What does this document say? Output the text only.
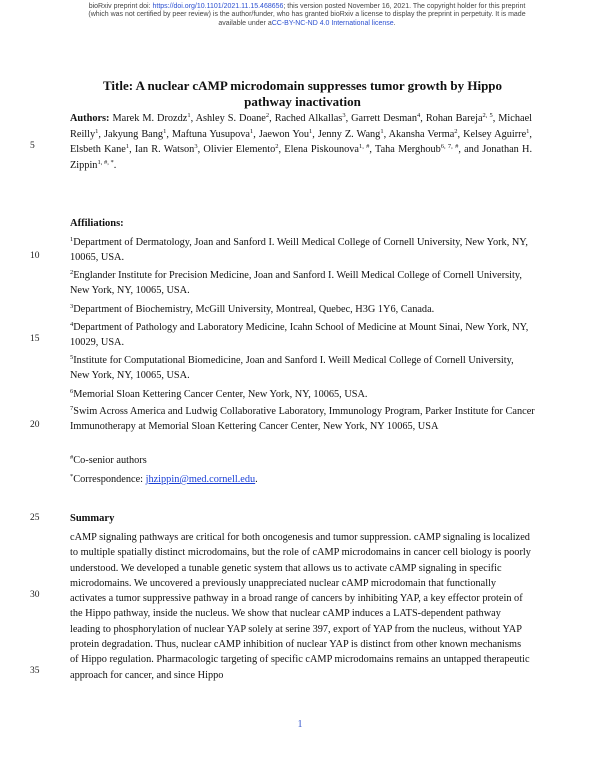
bioRxiv preprint doi: https://doi.org/10.1101/2021.11.15.468656; this version posted November 16, 2021. The copyright holder for this preprint (which was not certified by peer review) is the author/funder, who has granted bioRxiv a license to display the preprint in perpetuity. It is made available under aCC-BY-NC-ND 4.0 International license.
Title: A nuclear cAMP microdomain suppresses tumor growth by Hippo pathway inactivation
Authors: Marek M. Drozdz$^1$, Ashley S. Doane$^2$, Rached Alkallas$^3$, Garrett Desman$^4$, Rohan Bareja$^{2, 5}$, Michael Reilly$^1$, Jakyung Bang$^1$, Maftuna Yusupova$^1$, Jaewon You$^1$, Jenny Z. Wang$^1$, Akansha Verma$^2$, Kelsey Aguirre$^1$, Elsbeth Kane$^1$, Ian R. Watson$^3$, Olivier Elemento$^2$, Elena Piskounova$^{1, \#}$, Taha Merghoub$^{6, 7, \#}$, and Jonathan H. Zippin$^{1, \#, *}$.
5
10
15
20
25
30
35
Affiliations:
$^1$Department of Dermatology, Joan and Sanford I. Weill Medical College of Cornell University, New York, NY, 10065, USA.
$^2$Englander Institute for Precision Medicine, Joan and Sanford I. Weill Medical College of Cornell University, New York, NY, 10065, USA.
$^3$Department of Biochemistry, McGill University, Montreal, Quebec, H3G 1Y6, Canada.
$^4$Department of Pathology and Laboratory Medicine, Icahn School of Medicine at Mount Sinai, New York, NY, 10029, USA.
$^5$Institute for Computational Biomedicine, Joan and Sanford I. Weill Medical College of Cornell University, New York, NY, 10065, USA.
$^6$Memorial Sloan Kettering Cancer Center, New York, NY, 10065, USA.
$^7$Swim Across America and Ludwig Collaborative Laboratory, Immunology Program, Parker Institute for Cancer Immunotherapy at Memorial Sloan Kettering Cancer Center, New York, NY 10065, USA
#Co-senior authors
*Correspondence: jhzippin@med.cornell.edu.
Summary

cAMP signaling pathways are critical for both oncogenesis and tumor suppression. cAMP signaling is localized to multiple spatially distinct microdomains, but the role of cAMP microdomains in cancer cell biology is poorly understood. We developed a tunable genetic system that allows us to activate cAMP signaling in specific microdomains. We uncovered a previously unappreciated nuclear cAMP microdomain that functionally activates a tumor suppressive pathway in a broad range of cancers by inhibiting YAP, a key effector protein of the Hippo pathway, inside the nucleus. We show that nuclear cAMP induces a LATS-dependent pathway leading to phosphorylation of nuclear YAP solely at serine 397, export of YAP from the nucleus, without YAP protein degradation. Thus, nuclear cAMP inhibition of nuclear YAP is distinct from other known mechanisms of Hippo regulation. Pharmacologic targeting of specific cAMP microdomains remains an untapped therapeutic approach for cancer, and since Hippo

1
